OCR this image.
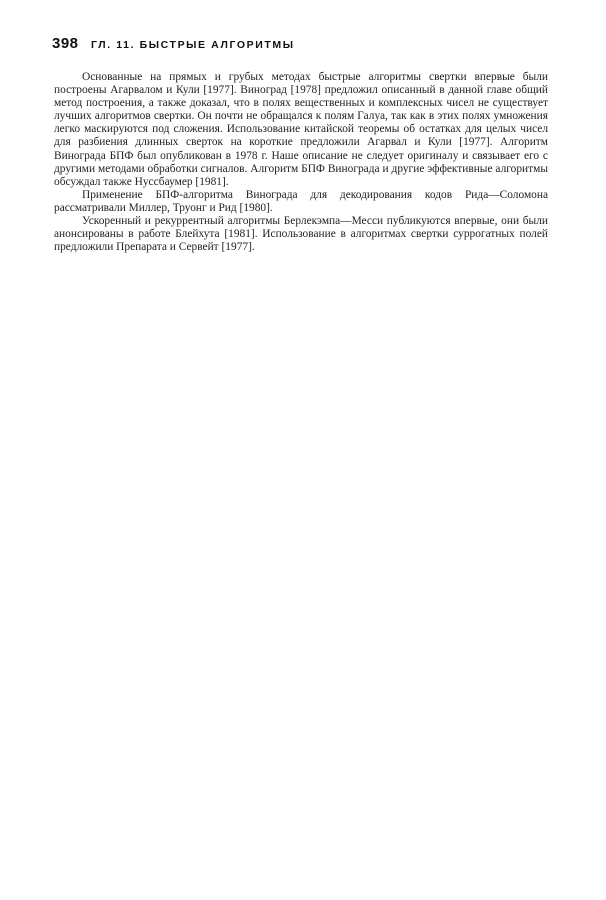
398 ГЛ. 11. БЫСТРЫЕ АЛГОРИТМЫ

Основанные на прямых и грубых методах быстрые алгоритмы свертки впервые были построены Агарвалом и Кули [1977]. Виноград [1978] предложил описанный в данной главе общий метод построения, а также доказал, что в полях вещественных и комплексных чисел не существует лучших алгоритмов свертки. Он почти не обращался к полям Галуа, так как в этих полях умножения легко маскируются под сложения. Использование китайской теоремы об остатках для целых чисел для разбиения длинных сверток на короткие предложили Агарвал и Кули [1977]. Алгоритм Винограда БПФ был опубликован в 1978 г. Наше описание не следует оригиналу и связывает его с другими методами обработки сигналов. Алгоритм БПФ Винограда и другие эффективные алгоритмы обсуждал также Нуссбаумер [1981].

Применение БПФ-алгоритма Винограда для декодирования кодов Рида—Соломона рассматривали Миллер, Труонг и Рид [1980].

Ускоренный и рекуррентный алгоритмы Берлекэмпа—Месси публикуются впервые, они были анонсированы в работе Блейхута [1981]. Использование в алгоритмах свертки суррогатных полей предложили Препарата и Сервейт [1977].
